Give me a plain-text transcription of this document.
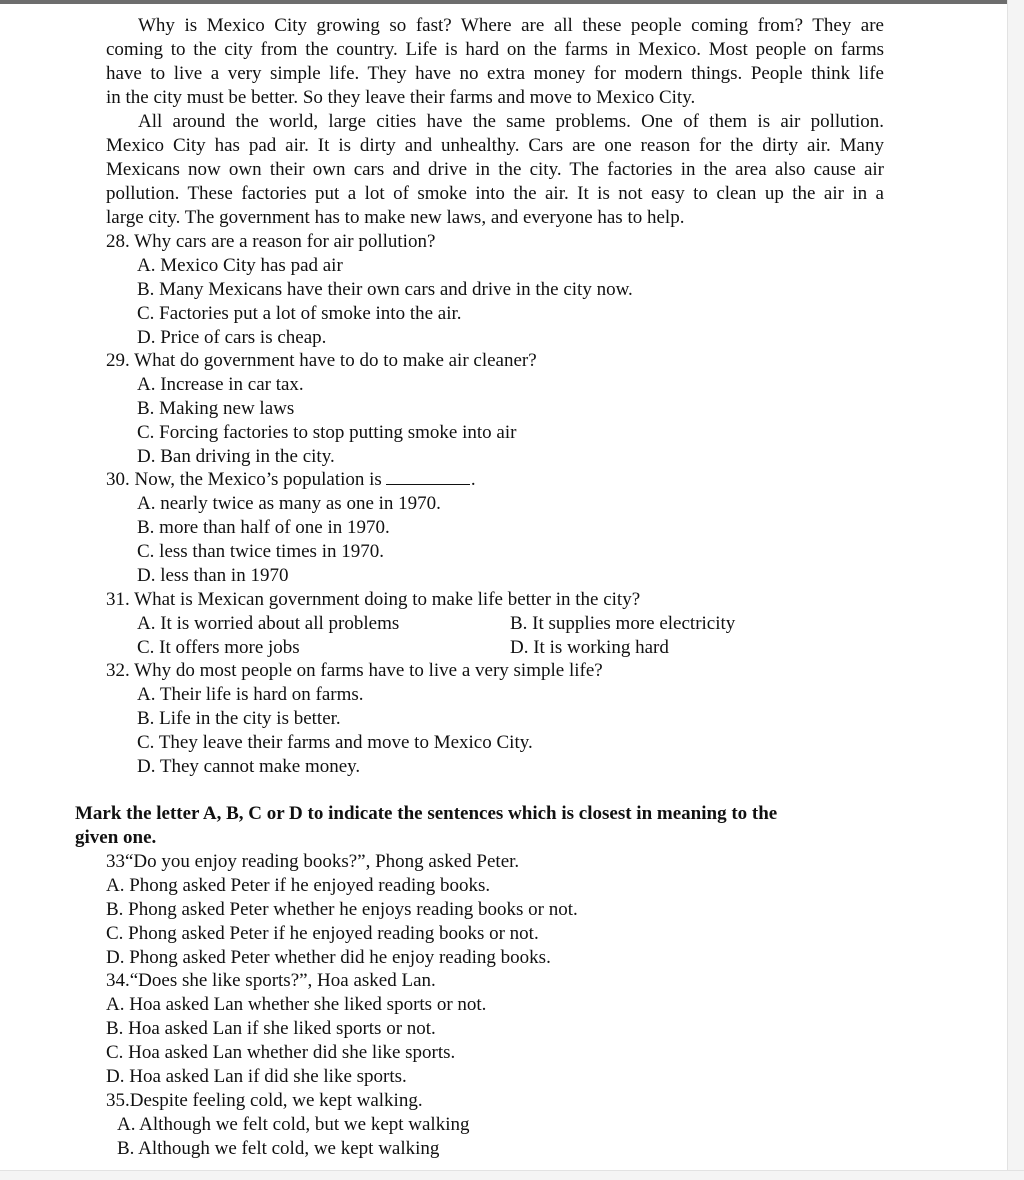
Why is Mexico City growing so fast? Where are all these people coming from? They are
coming to the city from the country. Life is hard on the farms in Mexico. Most people on farms
have to live a very simple life. They have no extra money for modern things. People think life
in the city must be better. So they leave their farms and move to Mexico City.
All around the world, large cities have the same problems. One of them is air pollution.
Mexico City has pad air. It is dirty and unhealthy. Cars are one reason for the dirty air. Many
Mexicans now own their own cars and drive in the city. The factories in the area also cause air
pollution. These factories put a lot of smoke into the air. It is not easy to clean up the air in a
large city. The government has to make new laws, and everyone has to help.
28. Why cars are a reason for air pollution?
A. Mexico City has pad air
B. Many Mexicans have their own cars and drive in the city now.
C. Factories put a lot of smoke into the air.
D. Price of cars is cheap.
29. What do government have to do to make air cleaner?
A. Increase in car tax.
B. Making new laws
C. Forcing factories to stop putting smoke into air
D. Ban driving in the city.
30. Now, the Mexico’s population is	.
A. nearly twice as many as one in 1970.
B. more than half of one in 1970.
C. less than twice times in 1970.
D. less than in 1970
31. What is Mexican government doing to make life better in the city?
A. It is worried about all problems	B. It supplies more electricity
C. It offers more jobs	D. It is working hard
32. Why do most people on farms have to live a very simple life?
A. Their life is hard on farms.
B. Life in the city is better.
C. They leave their farms and move to Mexico City.
D. They cannot make money.
Mark the letter A, B, C or D to indicate the sentences which is closest in meaning to the
given one.
33“Do you enjoy reading books?”, Phong asked Peter.
A. Phong asked Peter if he enjoyed reading books.
B. Phong asked Peter whether he enjoys reading books or not.
C. Phong asked Peter if he enjoyed reading books or not.
D. Phong asked Peter whether did he enjoy reading books.
34.“Does she like sports?”, Hoa asked Lan.
A. Hoa asked Lan whether she liked sports or not.
B. Hoa asked Lan if she liked sports or not.
C. Hoa asked Lan whether did she like sports.
D. Hoa asked Lan if did she like sports.
35.Despite feeling cold, we kept walking.
A. Although we felt cold, but we kept walking
B. Although we felt cold, we kept walking
